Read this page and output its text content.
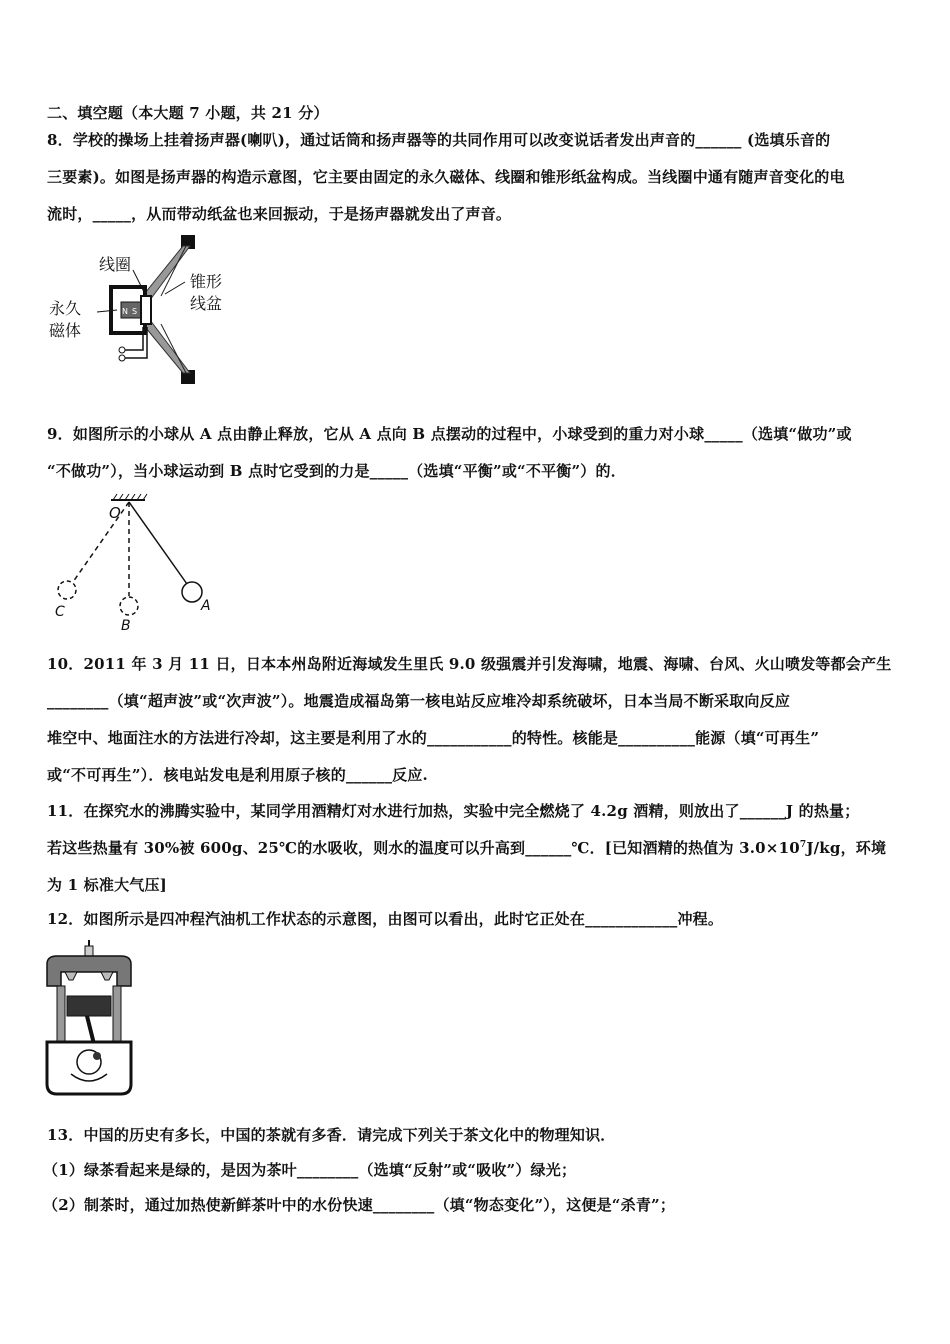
二、填空题（本大题 7 小题，共 21 分）
8．学校的操场上挂着扬声器(喇叭)，通过话筒和扬声器等的共同作用可以改变说话者发出声音的______ (选填乐音的
三要素)。如图是扬声器的构造示意图，它主要由固定的永久磁体、线圈和锥形纸盆构成。当线圈中通有随声音变化的电
流时，_____，从而带动纸盆也来回振动，于是扬声器就发出了声音。
N S
线圈
锥形
线盆
永久
磁体
9．如图所示的小球从 A 点由静止释放，它从 A 点向 B 点摆动的过程中，小球受到的重力对小球_____（选填“做功”或
“不做功”），当小球运动到 B 点时它受到的力是_____（选填“平衡”或“不平衡”）的．
O
A
B
C
10．2011 年 3 月 11 日，日本本州岛附近海域发生里氏 9.0 级强震并引发海啸，地震、海啸、台风、火山喷发等都会产生
________（填“超声波”或“次声波”）。地震造成福岛第一核电站反应堆冷却系统破坏，日本当局不断采取向反应
堆空中、地面注水的方法进行冷却，这主要是利用了水的___________的特性。核能是__________能源（填“可再生”
或“不可再生”）．核电站发电是利用原子核的______反应.
11．在探究水的沸腾实验中，某同学用酒精灯对水进行加热，实验中完全燃烧了 4.2g 酒精，则放出了______J 的热量；
若这些热量有 30%被 600g、25℃的水吸收，则水的温度可以升高到______℃．[已知酒精的热值为 $3.0\times 10^7J/kg$，环境
为 1 标准大气压]
12．如图所示是四冲程汽油机工作状态的示意图，由图可以看出，此时它正处在____________冲程。
13．中国的历史有多长，中国的茶就有多香．请完成下列关于茶文化中的物理知识．
（1）绿茶看起来是绿的，是因为茶叶________（选填“反射”或“吸收”）绿光；
（2）制茶时，通过加热使新鲜茶叶中的水份快速________（填“物态变化”），这便是“杀青”；
